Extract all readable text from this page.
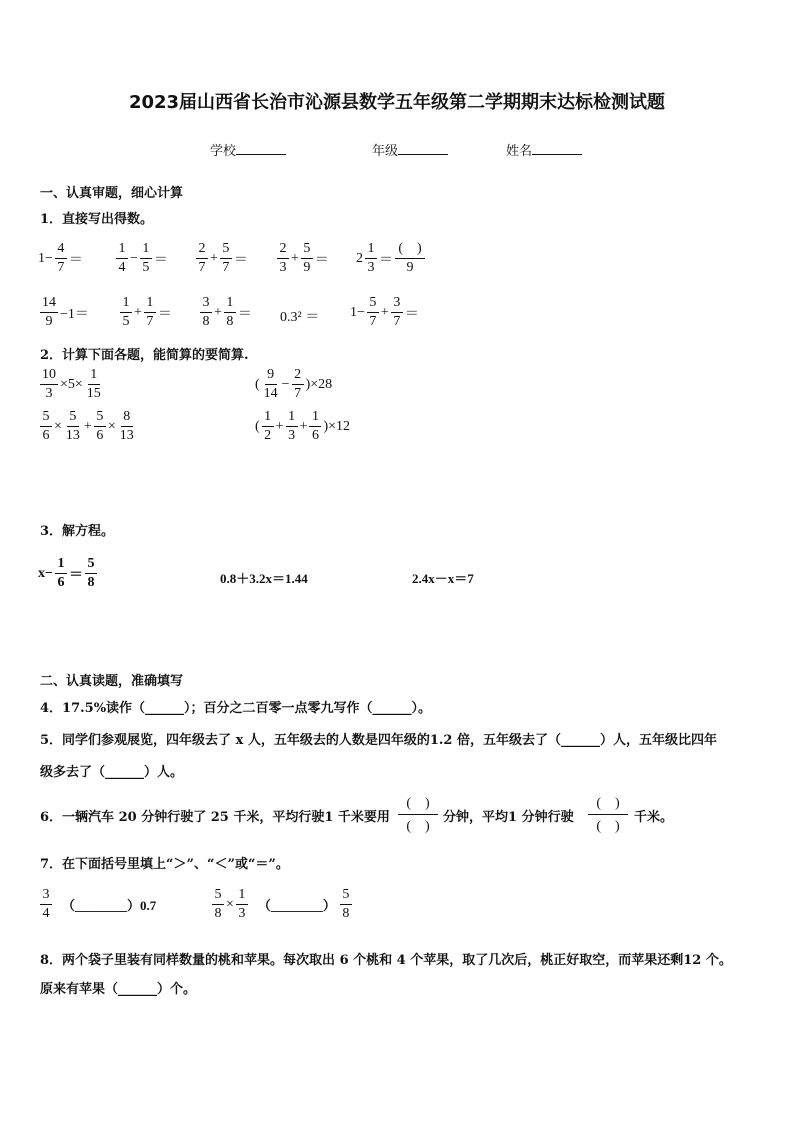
2023届山西省长治市沁源县数学五年级第二学期期末达标检测试题
学校	年级	姓名
一、认真审题，细心计算
1．直接写出得数。
$1- \frac{4}{7} = \frac{1}{4} - \frac{1}{5} = \frac{2}{7} + \frac{5}{7} = \frac{2}{3} + \frac{5}{9} = 2 \frac{1}{3} = \frac{( )}{9}$
$\frac{14}{9} -1= \frac{1}{5} + \frac{1}{7} = \frac{3}{8} + \frac{1}{8} = 0.3^2 = 1- \frac{5}{7} + \frac{3}{7}$ ＝
2．计算下面各题，能简算的要简算.
$\frac{10}{3} \times 5\times \frac{1}{15}$	( $\frac{9}{14} - \frac{2}{7} )\times 28$
$\frac{5}{6} \times \frac{5}{13} + \frac{5}{6} \times \frac{8}{13}$	( $\frac{1}{2} + \frac{1}{3} + \frac{1}{6} )\times 12$
3．解方程。
$x- \frac{1}{6} = \frac{5}{8}$	0.8＋3.2x＝1.44	2.4x－x＝7
二、认真读题，准确填写
4．17.5%读作（______）；百分之二百零一点零九写作（______）。
5．同学们参观展览，四年级去了 x 人，五年级去的人数是四年级的1.2 倍，五年级去了（______）人，五年级比四年
级多去了（______）人。
6．一辆汽车 20 分钟行驶了 25 千米，平均行驶1 千米要用
(　)
(　)
分钟，平均1 分钟行驶
(　)
(　)
千米。
7．在下面括号里填上“＞”、“＜”或“＝”。
$\frac{3}{4}$ （________）0.7	$\frac{5}{8} \times \frac{1}{3}$ （________） $\frac{5}{8}$
8．两个袋子里装有同样数量的桃和苹果。每次取出 6 个桃和 4 个苹果，取了几次后，桃正好取空，而苹果还剩12 个。
原来有苹果（______）个。
